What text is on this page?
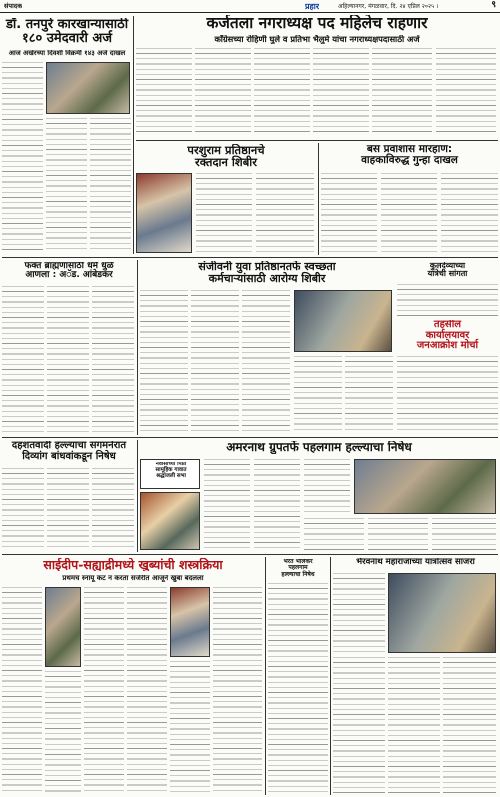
संपादक	प्रहार	अहिल्यानगर, मंगळवार, दि. २४ एप्रिल २०२५ ।	९
डॉ. तनपुरे कारखान्यासाठी
१८० उमेदवारी अर्ज
आज अखेरच्या दिवशी विक्रमी १४३ अर्ज दाखल
कर्जतला नगराध्यक्ष पद महिलेच राहणार
कॉंग्रेसच्या रोहिणी घुले व प्रतिभा भैलुमे यांचा नगराध्यक्षपदासाठी अर्ज
परशुराम प्रतिष्ठानचे
रक्तदान शिबीर
बस प्रवाशास मारहाण:
वाहकाविरुद्ध गुन्हा दाखल
फक्त ब्राह्मणांसाठी धर्म धुळे
आणला : अॅड. आंबेडकर
संजीवनी युवा प्रतिष्ठानतर्फे स्वच्छता
कर्मचाऱ्यांसाठी आरोग्य शिबीर
कुलदेव्याच्या
यात्रेची सांगता
तहसील
कार्यालयावर
जनआक्रोश मोर्चा
दहशतवादी हल्ल्याचा संगमनेरात
दिव्यांग बांधवांकडून निषेध
अमरनाथ ग्रुपतर्फे पहलगाम हल्ल्याचा निषेध
नेवासाच्या पिंप्री
सामूहिक गावात
श्रद्धांजली सभा
साईदीप-सह्याद्रीमध्ये खुब्यांची शस्त्रक्रिया
प्रथमच स्नायू कट न करता सर्जरीत आजूने खुबा बदलला
भरत भालेकर
पहलगाम
हल्ल्याचा निषेध
भैरवनाथ महाराजांच्या यात्रोत्सव साजरा
